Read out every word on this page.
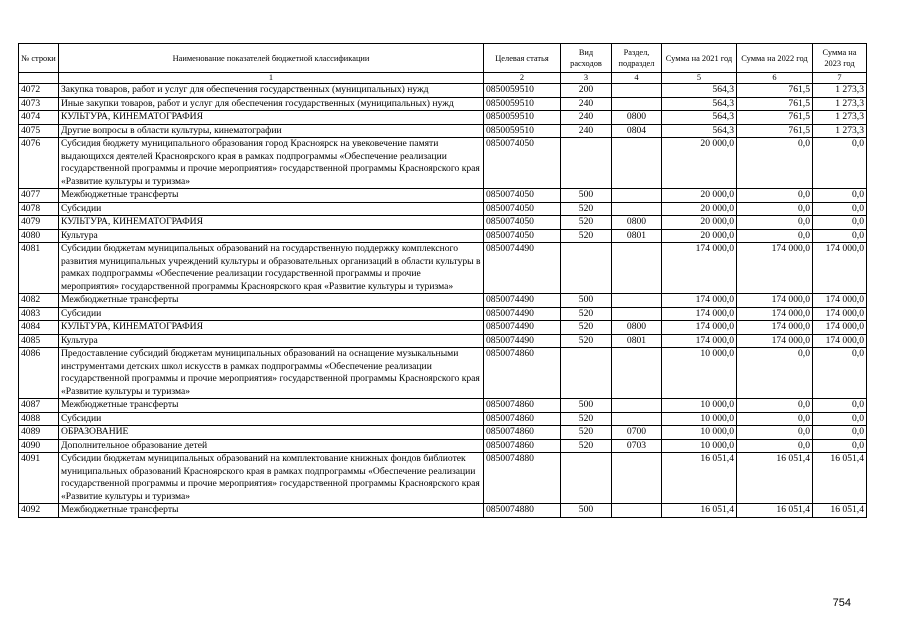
№ строки	Наименование показателей бюджетной классификации	Целевая статья	Вид расходов	Раздел, подраздел	Сумма на 2021 год	Сумма на 2022 год	Сумма на 2023 год
	1	2	3	4	5	6	7
4072	Закупка товаров, работ и услуг для обеспечения государственных (муниципальных) нужд	0850059510	200		564,3	761,5	1 273,3
4073	Иные закупки товаров, работ и услуг для обеспечения государственных (муниципальных) нужд	0850059510	240		564,3	761,5	1 273,3
4074	КУЛЬТУРА, КИНЕМАТОГРАФИЯ	0850059510	240	0800	564,3	761,5	1 273,3
4075	Другие вопросы в области культуры, кинематографии	0850059510	240	0804	564,3	761,5	1 273,3
4076	Субсидия бюджету муниципального образования город Красноярск на увековечение памяти выдающихся деятелей Красноярского края в рамках подпрограммы «Обеспечение реализации государственной программы и прочие мероприятия» государственной программы Красноярского края «Развитие культуры и туризма»	0850074050			20 000,0	0,0	0,0
4077	Межбюджетные трансферты	0850074050	500		20 000,0	0,0	0,0
4078	Субсидии	0850074050	520		20 000,0	0,0	0,0
4079	КУЛЬТУРА, КИНЕМАТОГРАФИЯ	0850074050	520	0800	20 000,0	0,0	0,0
4080	Культура	0850074050	520	0801	20 000,0	0,0	0,0
4081	Субсидии бюджетам муниципальных образований на государственную поддержку комплексного развития муниципальных учреждений культуры и образовательных организаций в области культуры в рамках подпрограммы «Обеспечение реализации государственной программы и прочие мероприятия» государственной программы Красноярского края «Развитие культуры и туризма»	0850074490			174 000,0	174 000,0	174 000,0
4082	Межбюджетные трансферты	0850074490	500		174 000,0	174 000,0	174 000,0
4083	Субсидии	0850074490	520		174 000,0	174 000,0	174 000,0
4084	КУЛЬТУРА, КИНЕМАТОГРАФИЯ	0850074490	520	0800	174 000,0	174 000,0	174 000,0
4085	Культура	0850074490	520	0801	174 000,0	174 000,0	174 000,0
4086	Предоставление субсидий бюджетам муниципальных образований на оснащение музыкальными инструментами детских школ искусств в рамках подпрограммы «Обеспечение реализации государственной программы и прочие мероприятия» государственной программы Красноярского края «Развитие культуры и туризма»	0850074860			10 000,0	0,0	0,0
4087	Межбюджетные трансферты	0850074860	500		10 000,0	0,0	0,0
4088	Субсидии	0850074860	520		10 000,0	0,0	0,0
4089	ОБРАЗОВАНИЕ	0850074860	520	0700	10 000,0	0,0	0,0
4090	Дополнительное образование детей	0850074860	520	0703	10 000,0	0,0	0,0
4091	Субсидии бюджетам муниципальных образований на комплектование книжных фондов библиотек муниципальных образований Красноярского края в рамках подпрограммы «Обеспечение реализации государственной программы и прочие мероприятия» государственной программы Красноярского края «Развитие культуры и туризма»	0850074880			16 051,4	16 051,4	16 051,4
4092	Межбюджетные трансферты	0850074880	500		16 051,4	16 051,4	16 051,4
754
